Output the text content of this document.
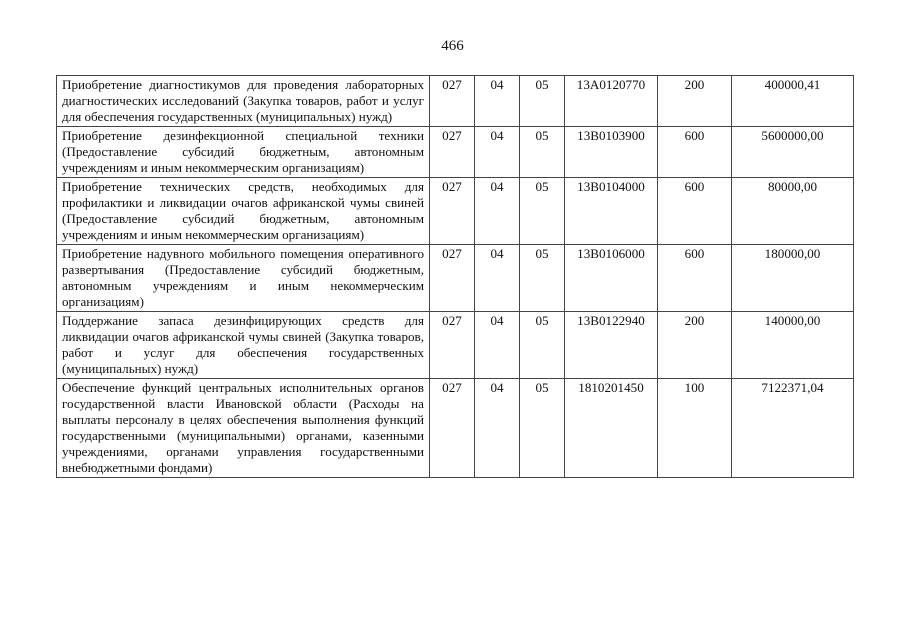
466
Приобретение диагностикумов для проведения лабораторных диагностических исследований (Закупка товаров, работ и услуг для обеспечения государственных (муниципальных) нужд)	027	04	05	13А0120770	200	400000,41
Приобретение дезинфекционной специальной техники (Предоставление субсидий бюджетным, автономным учреждениям и иным некоммерческим организациям)	027	04	05	13В0103900	600	5600000,00
Приобретение технических средств, необходимых для профилактики и ликвидации очагов африканской чумы свиней (Предоставление субсидий бюджетным, автономным учреждениям и иным некоммерческим организациям)	027	04	05	13В0104000	600	80000,00
Приобретение надувного мобильного помещения оперативного развертывания (Предоставление субсидий бюджетным, автономным учреждениям и иным некоммерческим организациям)	027	04	05	13В0106000	600	180000,00
Поддержание запаса дезинфицирующих средств для ликвидации очагов африканской чумы свиней (Закупка товаров, работ и услуг для обеспечения государственных (муниципальных) нужд)	027	04	05	13В0122940	200	140000,00
Обеспечение функций центральных исполнительных органов государственной власти Ивановской области (Расходы на выплаты персоналу в целях обеспечения выполнения функций государственными (муниципальными) органами, казенными учреждениями, органами управления государственными внебюджетными фондами)	027	04	05	1810201450	100	7122371,04
